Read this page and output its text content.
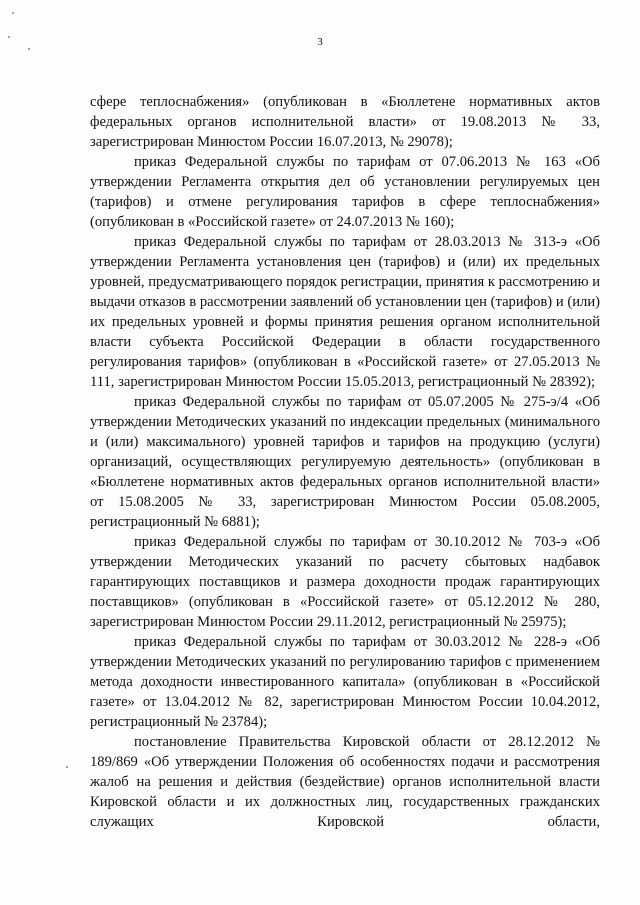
3

сфере теплоснабжения» (опубликован в «Бюллетене нормативных актов федеральных органов исполнительной власти» от 19.08.2013 № 33, зарегистрирован Минюстом России 16.07.2013, № 29078);

приказ Федеральной службы по тарифам от 07.06.2013 № 163 «Об утверждении Регламента открытия дел об установлении регулируемых цен (тарифов) и отмене регулирования тарифов в сфере теплоснабжения» (опубликован в «Российской газете» от 24.07.2013 № 160);

приказ Федеральной службы по тарифам от 28.03.2013 № 313-э «Об утверждении Регламента установления цен (тарифов) и (или) их предельных уровней, предусматривающего порядок регистрации, принятия к рассмотрению и выдачи отказов в рассмотрении заявлений об установлении цен (тарифов) и (или) их предельных уровней и формы принятия решения органом исполнительной власти субъекта Российской Федерации в области государственного регулирования тарифов» (опубликован в «Российской газете» от 27.05.2013 № 111, зарегистрирован Минюстом России 15.05.2013, регистрационный № 28392);

приказ Федеральной службы по тарифам от 05.07.2005 № 275-э/4 «Об утверждении Методических указаний по индексации предельных (минимального и (или) максимального) уровней тарифов и тарифов на продукцию (услуги) организаций, осуществляющих регулируемую деятельность» (опубликован в «Бюллетене нормативных актов федеральных органов исполнительной власти» от 15.08.2005 № 33, зарегистрирован Минюстом России 05.08.2005, регистрационный № 6881);

приказ Федеральной службы по тарифам от 30.10.2012 № 703-э «Об утверждении Методических указаний по расчету сбытовых надбавок гарантирующих поставщиков и размера доходности продаж гарантирующих поставщиков» (опубликован в «Российской газете» от 05.12.2012 № 280, зарегистрирован Минюстом России 29.11.2012, регистрационный № 25975);

приказ Федеральной службы по тарифам от 30.03.2012 № 228-э «Об утверждении Методических указаний по регулированию тарифов с применением метода доходности инвестированного капитала» (опубликован в «Российской газете» от 13.04.2012 № 82, зарегистрирован Минюстом России 10.04.2012, регистрационный № 23784);

постановление Правительства Кировской области от 28.12.2012 № 189/869 «Об утверждении Положения об особенностях подачи и рассмотрения жалоб на решения и действия (бездействие) органов исполнительной власти Кировской области и их должностных лиц, государственных гражданских служащих Кировской области,
